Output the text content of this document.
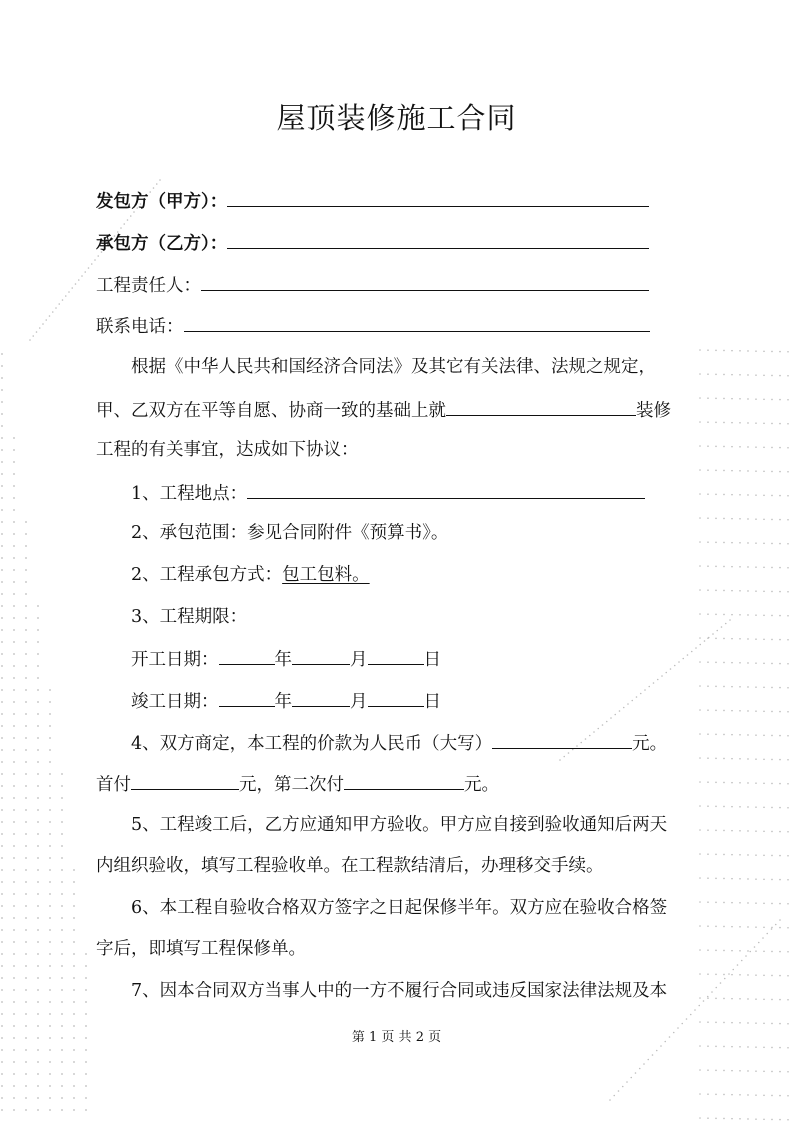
屋顶装修施工合同
发包方（甲方）：
承包方（乙方）：
工程责任人：
联系电话：
根据《中华人民共和国经济合同法》及其它有关法律、法规之规定，
甲、乙双方在平等自愿、协商一致的基础上就	装修
工程的有关事宜，达成如下协议：
1、工程地点：
2、承包范围：参见合同附件《预算书》。
2、工程承包方式：包工包料。
3、工程期限：
开工日期：	年	月	日
竣工日期：	年	月	日
4、双方商定，本工程的价款为人民币（大写）	元。
首付	元，第二次付	元。
5、工程竣工后，乙方应通知甲方验收。甲方应自接到验收通知后两天
内组织验收，填写工程验收单。在工程款结清后，办理移交手续。
6、本工程自验收合格双方签字之日起保修半年。双方应在验收合格签
字后，即填写工程保修单。
7、因本合同双方当事人中的一方不履行合同或违反国家法律法规及本
第 1 页 共 2 页
